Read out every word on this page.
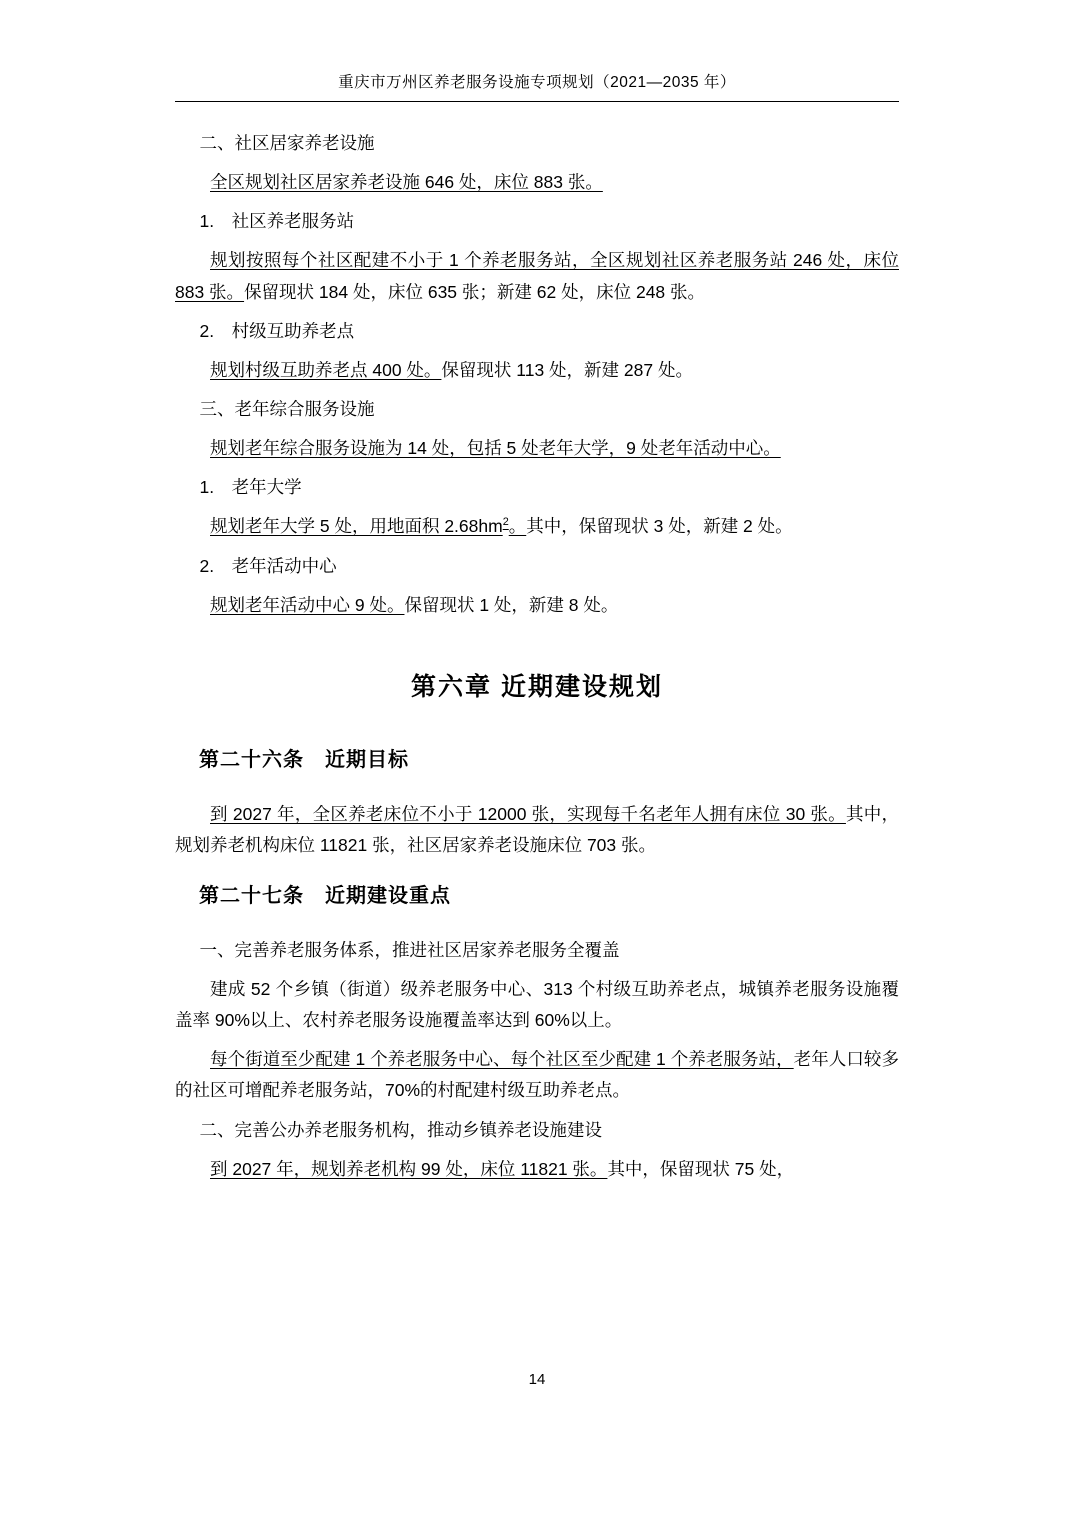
重庆市万州区养老服务设施专项规划（2021—2035 年）

二、社区居家养老设施

全区规划社区居家养老设施 646 处，床位 883 张。

1.　社区养老服务站

规划按照每个社区配建不小于 1 个养老服务站，全区规划社区养老服务站 246 处，床位 883 张。保留现状 184 处，床位 635 张；新建 62 处，床位 248 张。

2.　村级互助养老点

规划村级互助养老点 400 处。保留现状 113 处，新建 287 处。

三、老年综合服务设施

规划老年综合服务设施为 14 处，包括 5 处老年大学，9 处老年活动中心。

1.　老年大学

规划老年大学 5 处，用地面积 $2.68hm^2$。其中，保留现状 3 处，新建 2 处。

2.　老年活动中心

规划老年活动中心 9 处。保留现状 1 处，新建 8 处。

第六章 近期建设规划

第二十六条　近期目标

到 2027 年，全区养老床位不小于 12000 张，实现每千名老年人拥有床位 30 张。其中，规划养老机构床位 11821 张，社区居家养老设施床位 703 张。

第二十七条　近期建设重点

一、完善养老服务体系，推进社区居家养老服务全覆盖

建成 52 个乡镇（街道）级养老服务中心、313 个村级互助养老点，城镇养老服务设施覆盖率 90%以上、农村养老服务设施覆盖率达到 60%以上。

每个街道至少配建 1 个养老服务中心、每个社区至少配建 1 个养老服务站，老年人口较多的社区可增配养老服务站，70%的村配建村级互助养老点。

二、完善公办养老服务机构，推动乡镇养老设施建设

到 2027 年，规划养老机构 99 处，床位 11821 张。其中，保留现状 75 处，

14
